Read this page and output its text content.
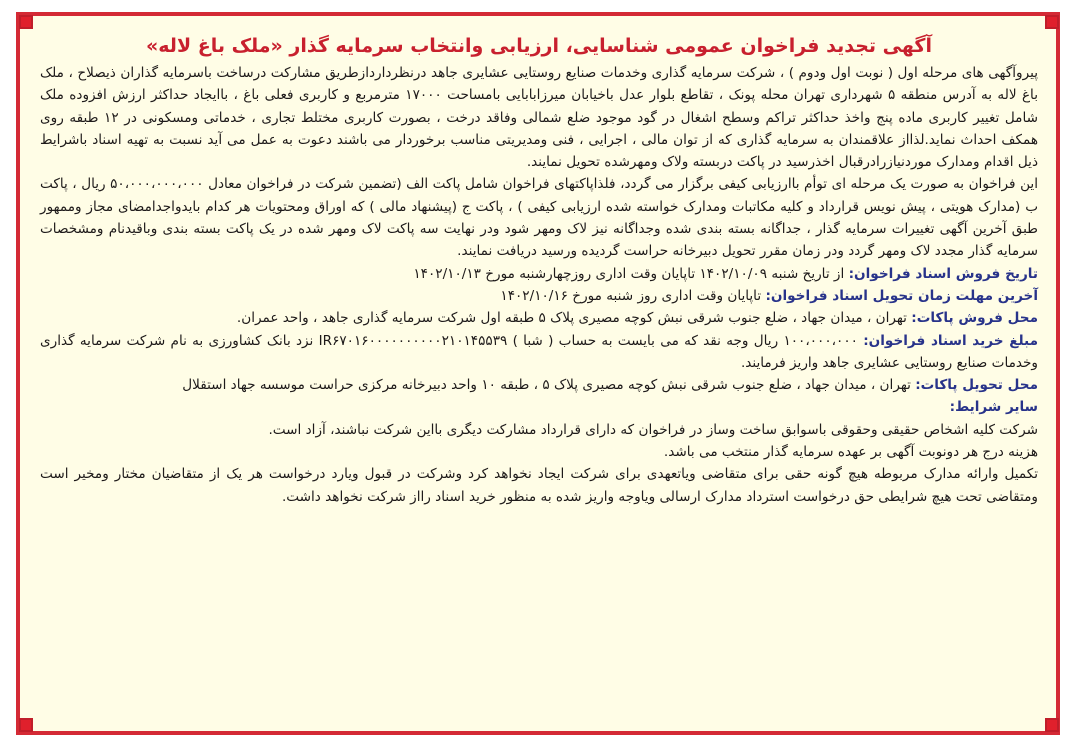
آگهی تجدید فراخوان عمومی شناسایی، ارزیابی وانتخاب سرمایه گذار «ملک باغ لاله»

پیروآگهی های مرحله اول ( نوبت اول ودوم ) ، شرکت سرمایه گذاری وخدمات صنایع روستایی عشایری جاهد درنظرداردازطریق مشارکت درساخت باسرمایه گذاران ذیصلاح ، ملک باغ لاله به آدرس منطقه ۵ شهرداری تهران محله پونک ، تقاطع بلوار عدل باخیابان میرزابابایی بامساحت ۱۷۰۰۰ مترمربع و کاربری فعلی باغ ، باایجاد حداکثر ارزش افزوده ملک شامل تغییر کاربری ماده پنج واخذ حداکثر تراکم وسطح اشغال در گود موجود ضلع شمالی وفاقد درخت ، بصورت کاربری مختلط تجاری ، خدماتی ومسکونی در ۱۲ طبقه روی همکف احداث نماید.لذااز علاقمندان به سرمایه گذاری که از توان مالی ، اجرایی ، فنی ومدیریتی مناسب برخوردار می باشند دعوت به عمل می آید نسبت به تهیه اسناد باشرایط ذیل اقدام ومدارک موردنیازرادرقبال اخذرسید در پاکت دربسته ولاک ومهرشده تحویل نمایند.

این فراخوان به صورت یک مرحله ای توأم باارزیابی کیفی برگزار می گردد، فلذاپاکتهای فراخوان شامل پاکت الف (تضمین شرکت در فراخوان معادل ۵۰،۰۰۰،۰۰۰،۰۰۰ ریال ، پاکت ب (مدارک هویتی ، پیش نویس قرارداد و کلیه مکاتبات ومدارک خواسته شده ارزیابی کیفی ) ، پاکت ج (پیشنهاد مالی ) که اوراق ومحتویات هر کدام بایدواجدامضای مجاز وممهور طبق آخرین آگهی تغییرات سرمایه گذار ، جداگانه بسته بندی شده وجداگانه نیز لاک ومهر شود ودر نهایت سه پاکت لاک ومهر شده در یک پاکت بسته بندی وباقیدنام ومشخصات سرمایه گذار مجدد لاک ومهر گردد ودر زمان مقرر تحویل دبیرخانه حراست گردیده ورسید دریافت نمایند.

تاریخ فروش اسناد فراخوان: از تاریخ شنبه ۱۴۰۲/۱۰/۰۹ تاپایان وقت اداری روزچهارشنبه مورخ ۱۴۰۲/۱۰/۱۳

آخرین مهلت زمان تحویل اسناد فراخوان: تاپایان وقت اداری روز شنبه مورخ ۱۴۰۲/۱۰/۱۶

محل فروش پاکات: تهران ، میدان جهاد ، ضلع جنوب شرقی نبش کوچه مصیری پلاک ۵ طبقه اول شرکت سرمایه گذاری جاهد ، واحد عمران.

مبلغ خرید اسناد فراخوان: ۱۰۰،۰۰۰،۰۰۰ ریال وجه نقد که می بایست به حساب ( شبا ) IR۶۷۰۱۶۰۰۰۰۰۰۰۰۰۰۲۱۰۱۴۵۵۳۹ نزد بانک کشاورزی به نام شرکت سرمایه گذاری وخدمات صنایع روستایی عشایری جاهد واریز فرمایند.

محل تحویل پاکات: تهران ، میدان جهاد ، ضلع جنوب شرقی نبش کوچه مصیری پلاک ۵ ، طبقه ۱۰ واحد دبیرخانه مرکزی حراست موسسه جهاد استقلال

سایر شرایط:

شرکت کلیه اشخاص حقیقی وحقوقی باسوابق ساخت وساز در فراخوان که دارای قرارداد مشارکت دیگری بااین شرکت نباشند، آزاد است.

هزینه درج هر دونوبت آگهی بر عهده سرمایه گذار منتخب می باشد.

تکمیل وارائه مدارک مربوطه هیچ گونه حقی برای متقاضی ویاتعهدی برای شرکت ایجاد نخواهد کرد وشرکت در قبول ویارد درخواست هر یک از متقاضیان مختار ومخیر است ومتقاضی تحت هیچ شرایطی حق درخواست استرداد مدارک ارسالی ویاوجه واریز شده به منظور خرید اسناد رااز شرکت نخواهد داشت.
